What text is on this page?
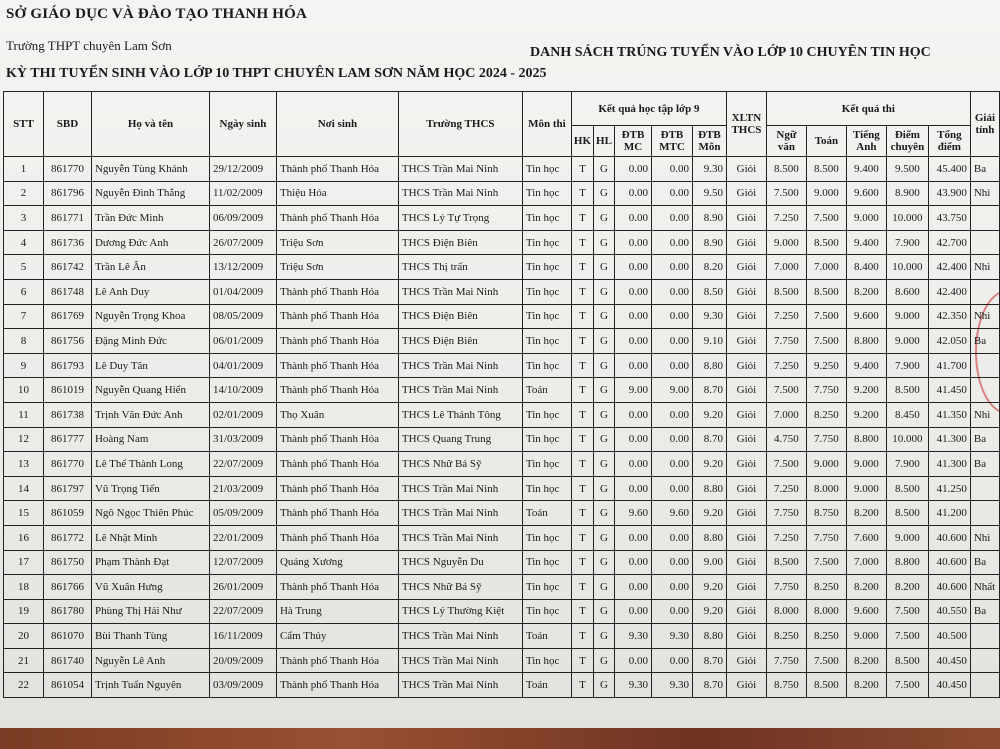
SỞ GIÁO DỤC VÀ ĐÀO TẠO THANH HÓA
Trường THPT chuyên Lam Sơn	DANH SÁCH TRÚNG TUYỂN VÀO LỚP 10 CHUYÊN TIN HỌC
KỲ THI TUYỂN SINH VÀO LỚP 10 THPT CHUYÊN LAM SƠN NĂM HỌC 2024 - 2025
STT	SBD	Họ và tên	Ngày sinh	Nơi sinh	Trường THCS	Môn thi	Kết quả học tập lớp 9					XLTN THCS	Kết quả thi					Giải tỉnh
							HK	HL	ĐTB MC	ĐTB MTC	ĐTB Môn		Ngữ văn	Toán	Tiếng Anh	Điểm chuyên	Tổng điểm	
1	861770	Nguyễn Tùng Khánh	29/12/2009	Thành phố Thanh Hóa	THCS Trần Mai Ninh	Tin học	T	G	0.00	0.00	9.30	Giỏi	8.500	8.500	9.400	9.500	45.400	Ba
2	861796	Nguyễn Đình Thắng	11/02/2009	Thiệu Hóa	THCS Trần Mai Ninh	Tin học	T	G	0.00	0.00	9.50	Giỏi	7.500	9.000	9.600	8.900	43.900	Nhì
3	861771	Trần Đức Minh	06/09/2009	Thành phố Thanh Hóa	THCS Lý Tự Trọng	Tin học	T	G	0.00	0.00	8.90	Giỏi	7.250	7.500	9.000	10.000	43.750	
4	861736	Dương Đức Anh	26/07/2009	Triệu Sơn	THCS Điện Biên	Tin học	T	G	0.00	0.00	8.90	Giỏi	9.000	8.500	9.400	7.900	42.700	
5	861742	Trần Lê Ân	13/12/2009	Triệu Sơn	THCS Thị trấn	Tin học	T	G	0.00	0.00	8.20	Giỏi	7.000	7.000	8.400	10.000	42.400	Nhì
6	861748	Lê Anh Duy	01/04/2009	Thành phố Thanh Hóa	THCS Trần Mai Ninh	Tin học	T	G	0.00	0.00	8.50	Giỏi	8.500	8.500	8.200	8.600	42.400	
7	861769	Nguyễn Trọng Khoa	08/05/2009	Thành phố Thanh Hóa	THCS Điện Biên	Tin học	T	G	0.00	0.00	9.30	Giỏi	7.250	7.500	9.600	9.000	42.350	Nhì
8	861756	Đặng Minh Đức	06/01/2009	Thành phố Thanh Hóa	THCS Điện Biên	Tin học	T	G	0.00	0.00	9.10	Giỏi	7.750	7.500	8.800	9.000	42.050	Ba
9	861793	Lê Duy Tân	04/01/2009	Thành phố Thanh Hóa	THCS Trần Mai Ninh	Tin học	T	G	0.00	0.00	8.80	Giỏi	7.250	9.250	9.400	7.900	41.700	
10	861019	Nguyễn Quang Hiển	14/10/2009	Thành phố Thanh Hóa	THCS Trần Mai Ninh	Toán	T	G	9.00	9.00	8.70	Giỏi	7.500	7.750	9.200	8.500	41.450	
11	861738	Trịnh Văn Đức Anh	02/01/2009	Thọ Xuân	THCS Lê Thánh Tông	Tin học	T	G	0.00	0.00	9.20	Giỏi	7.000	8.250	9.200	8.450	41.350	Nhì
12	861777	Hoàng Nam	31/03/2009	Thành phố Thanh Hóa	THCS Quang Trung	Tin học	T	G	0.00	0.00	8.70	Giỏi	4.750	7.750	8.800	10.000	41.300	Ba
13	861770	Lê Thế Thành Long	22/07/2009	Thành phố Thanh Hóa	THCS Nhữ Bá Sỹ	Tin học	T	G	0.00	0.00	9.20	Giỏi	7.500	9.000	9.000	7.900	41.300	Ba
14	861797	Vũ Trọng Tiến	21/03/2009	Thành phố Thanh Hóa	THCS Trần Mai Ninh	Tin học	T	G	0.00	0.00	8.80	Giỏi	7.250	8.000	9.000	8.500	41.250	
15	861059	Ngô Ngọc Thiên Phúc	05/09/2009	Thành phố Thanh Hóa	THCS Trần Mai Ninh	Toán	T	G	9.60	9.60	9.20	Giỏi	7.750	8.750	8.200	8.500	41.200	
16	861772	Lê Nhật Minh	22/01/2009	Thành phố Thanh Hóa	THCS Trần Mai Ninh	Tin học	T	G	0.00	0.00	8.80	Giỏi	7.250	7.750	7.600	9.000	40.600	Nhì
17	861750	Phạm Thành Đạt	12/07/2009	Quảng Xương	THCS Nguyễn Du	Tin học	T	G	0.00	0.00	9.00	Giỏi	8.500	7.500	7.000	8.800	40.600	Ba
18	861766	Vũ Xuân Hưng	26/01/2009	Thành phố Thanh Hóa	THCS Nhữ Bá Sỹ	Tin học	T	G	0.00	0.00	9.20	Giỏi	7.750	8.250	8.200	8.200	40.600	Nhất
19	861780	Phùng Thị Hải Như	22/07/2009	Hà Trung	THCS Lý Thường Kiệt	Tin học	T	G	0.00	0.00	9.20	Giỏi	8.000	8.000	9.600	7.500	40.550	Ba
20	861070	Bùi Thanh Tùng	16/11/2009	Cẩm Thủy	THCS Trần Mai Ninh	Toán	T	G	9.30	9.30	8.80	Giỏi	8.250	8.250	9.000	7.500	40.500	
21	861740	Nguyễn Lê Anh	20/09/2009	Thành phố Thanh Hóa	THCS Trần Mai Ninh	Tin học	T	G	0.00	0.00	8.70	Giỏi	7.750	7.500	8.200	8.500	40.450	
22	861054	Trịnh Tuấn Nguyên	03/09/2009	Thành phố Thanh Hóa	THCS Trần Mai Ninh	Toán	T	G	9.30	9.30	8.70	Giỏi	8.750	8.500	8.200	7.500	40.450	
